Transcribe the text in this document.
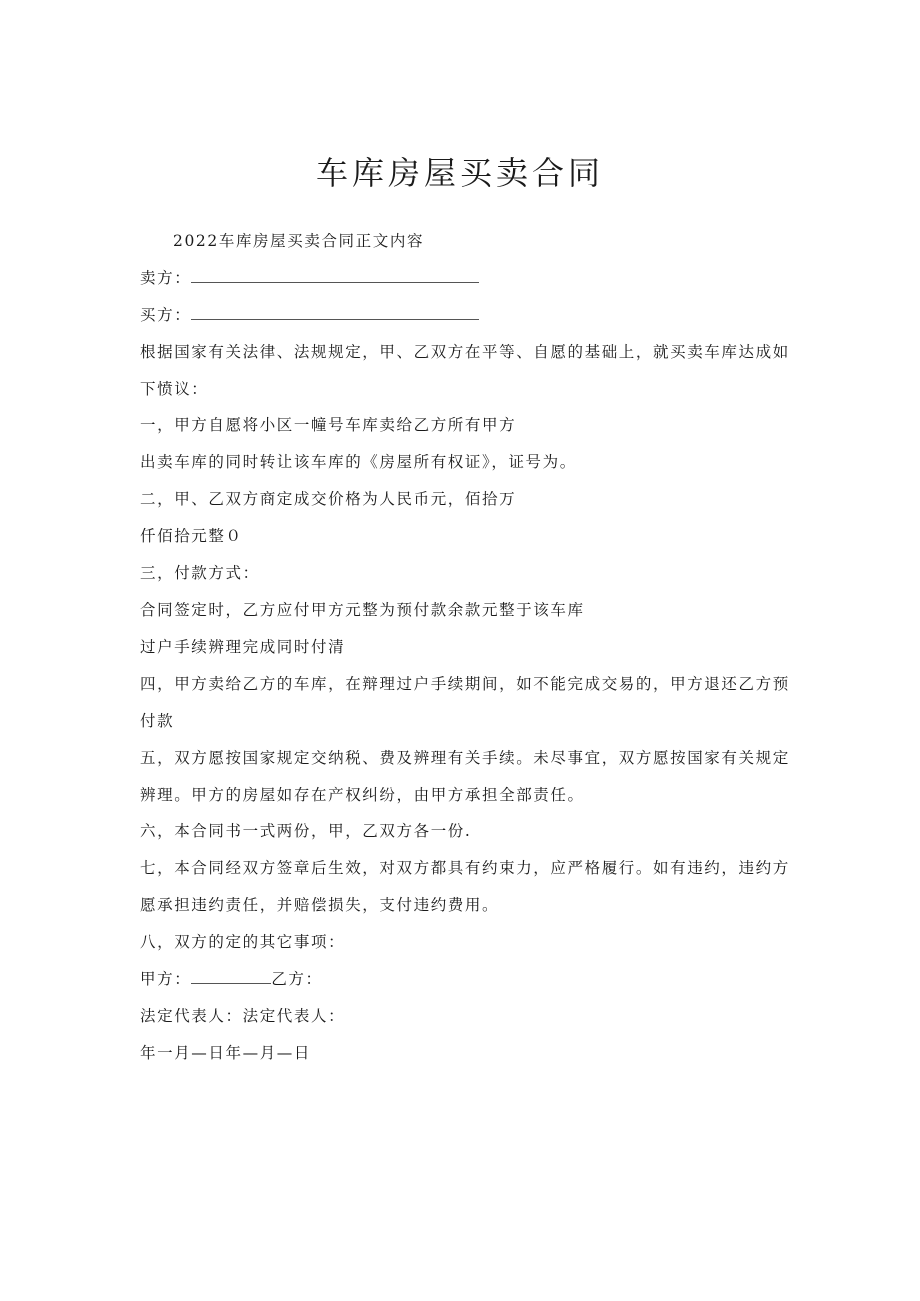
车库房屋买卖合同
2022车库房屋买卖合同正文内容
卖方：
买方：
根据国家有关法律、法规规定，甲、乙双方在平等、自愿的基础上，就买卖车库达成如
下愤议：
一，甲方自愿将小区一幢号车库卖给乙方所有甲方
出卖车库的同时转让该车库的《房屋所有权证》，证号为。
二，甲、乙双方商定成交价格为人民币元，佰拾万
仟佰拾元整０
三，付款方式：
合同签定时，乙方应付甲方元整为预付款余款元整于该车库
过户手续辨理完成同时付清
四，甲方卖给乙方的车库，在辩理过户手续期间，如不能完成交易的，甲方退还乙方预
付款
五，双方愿按国家规定交纳税、费及辨理有关手续。未尽事宜，双方愿按国家有关规定
辨理。甲方的房屋如存在产权纠纷，由甲方承担全部责任。
六，本合同书一式两份，甲，乙双方各一份.
七，本合同经双方签章后生效，对双方都具有约束力，应严格履行。如有违约，违约方
愿承担违约责任，并赔偿损失，支付违约费用。
八，双方的定的其它事项：
甲方：	乙方：
法定代表人：法定代表人：
年一月—日年—月—日
